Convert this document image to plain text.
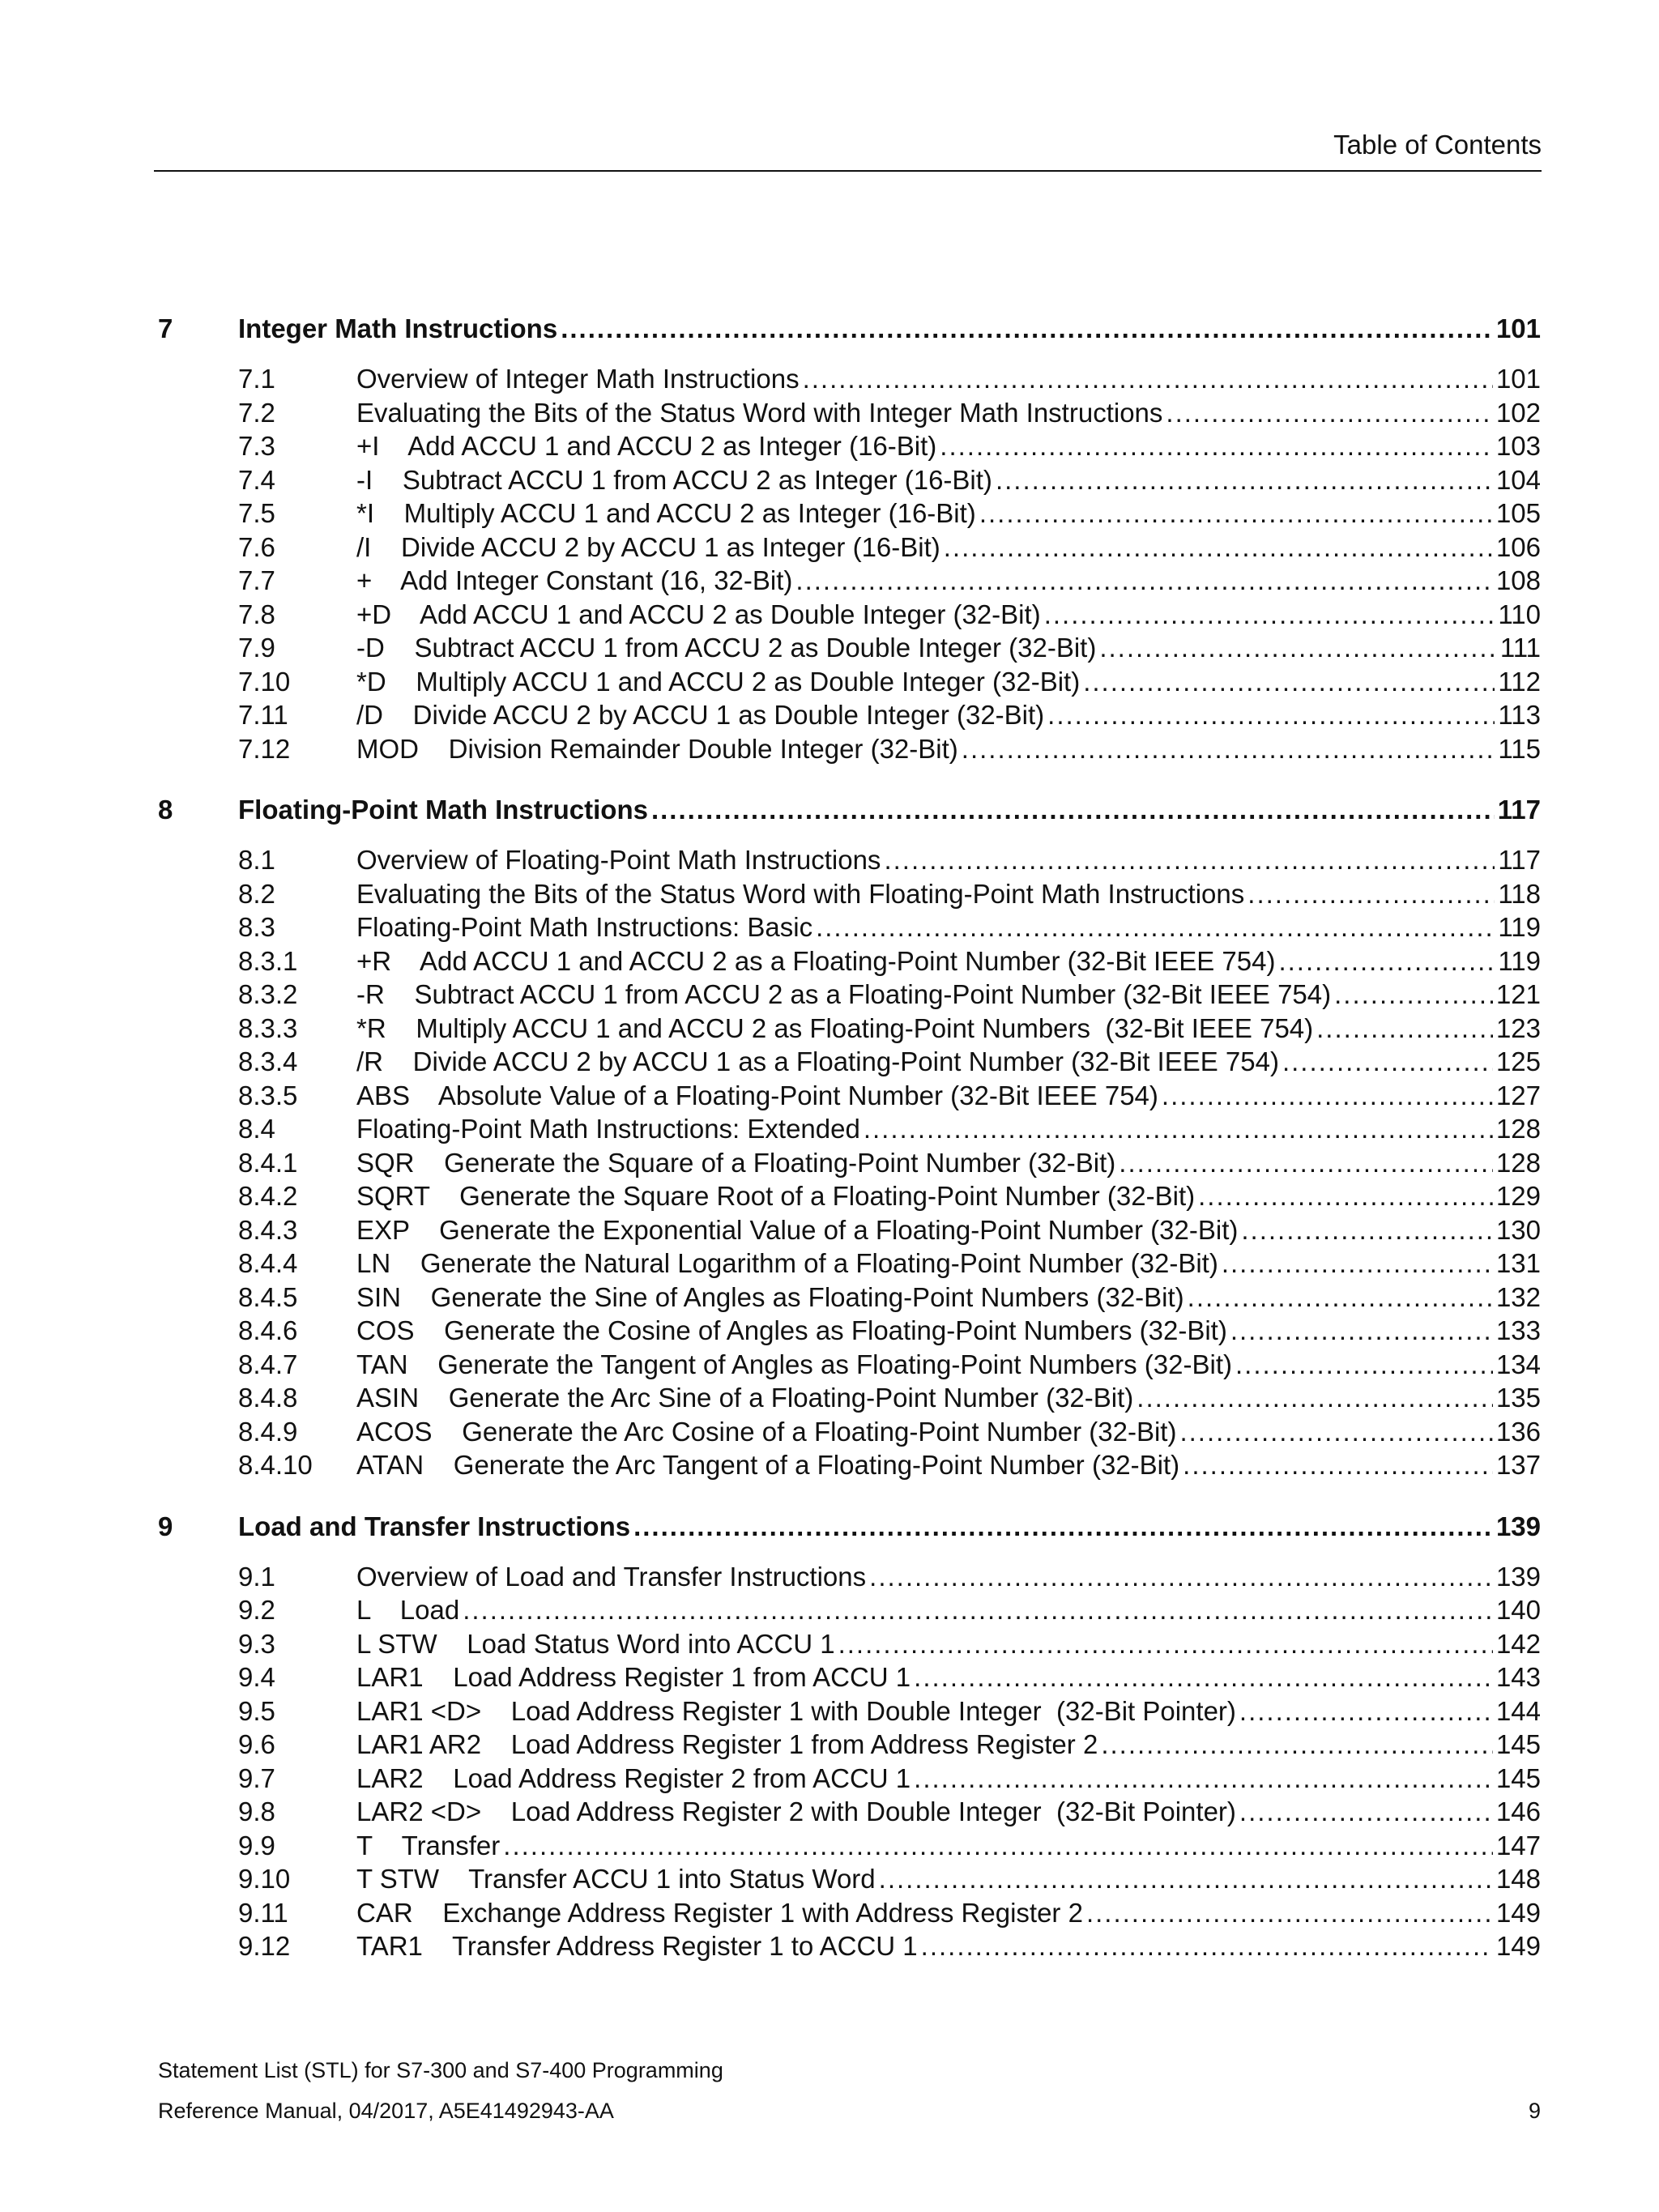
Table of Contents
7	Integer Math Instructions .....	101
7.1	Overview of Integer Math Instructions .....	101
7.2	Evaluating the Bits of the Status Word with Integer Math Instructions .....	102
7.3	+I    Add ACCU 1 and ACCU 2 as Integer (16-Bit) .....	103
7.4	-I    Subtract ACCU 1 from ACCU 2 as Integer (16-Bit) .....	104
7.5	*I    Multiply ACCU 1 and ACCU 2 as Integer (16-Bit) .....	105
7.6	/I    Divide ACCU 2 by ACCU 1 as Integer (16-Bit) .....	106
7.7	+    Add Integer Constant (16, 32-Bit) .....	108
7.8	+D    Add ACCU 1 and ACCU 2 as Double Integer (32-Bit) .....	110
7.9	-D    Subtract ACCU 1 from ACCU 2 as Double Integer (32-Bit) .....	111
7.10	*D    Multiply ACCU 1 and ACCU 2 as Double Integer (32-Bit) .....	112
7.11	/D    Divide ACCU 2 by ACCU 1 as Double Integer (32-Bit) .....	113
7.12	MOD    Division Remainder Double Integer (32-Bit) .....	115
8	Floating-Point Math Instructions .....	117
8.1	Overview of Floating-Point Math Instructions .....	117
8.2	Evaluating the Bits of the Status Word with Floating-Point Math Instructions .....	118
8.3	Floating-Point Math Instructions: Basic .....	119
8.3.1	+R    Add ACCU 1 and ACCU 2 as a Floating-Point Number (32-Bit IEEE 754) .....	119
8.3.2	-R    Subtract ACCU 1 from ACCU 2 as a Floating-Point Number (32-Bit IEEE 754) .....	121
8.3.3	*R    Multiply ACCU 1 and ACCU 2 as Floating-Point Numbers  (32-Bit IEEE 754) .....	123
8.3.4	/R    Divide ACCU 2 by ACCU 1 as a Floating-Point Number (32-Bit IEEE 754) .....	125
8.3.5	ABS    Absolute Value of a Floating-Point Number (32-Bit IEEE 754) .....	127
8.4	Floating-Point Math Instructions: Extended .....	128
8.4.1	SQR    Generate the Square of a Floating-Point Number (32-Bit) .....	128
8.4.2	SQRT    Generate the Square Root of a Floating-Point Number (32-Bit) .....	129
8.4.3	EXP    Generate the Exponential Value of a Floating-Point Number (32-Bit) .....	130
8.4.4	LN    Generate the Natural Logarithm of a Floating-Point Number (32-Bit) .....	131
8.4.5	SIN    Generate the Sine of Angles as Floating-Point Numbers (32-Bit) .....	132
8.4.6	COS    Generate the Cosine of Angles as Floating-Point Numbers (32-Bit) .....	133
8.4.7	TAN    Generate the Tangent of Angles as Floating-Point Numbers (32-Bit) .....	134
8.4.8	ASIN    Generate the Arc Sine of a Floating-Point Number (32-Bit) .....	135
8.4.9	ACOS    Generate the Arc Cosine of a Floating-Point Number (32-Bit) .....	136
8.4.10	ATAN    Generate the Arc Tangent of a Floating-Point Number (32-Bit) .....	137
9	Load and Transfer Instructions .....	139
9.1	Overview of Load and Transfer Instructions .....	139
9.2	L    Load .....	140
9.3	L STW    Load Status Word into ACCU 1 .....	142
9.4	LAR1    Load Address Register 1 from ACCU 1 .....	143
9.5	LAR1 <D>    Load Address Register 1 with Double Integer  (32-Bit Pointer) .....	144
9.6	LAR1 AR2    Load Address Register 1 from Address Register 2 .....	145
9.7	LAR2    Load Address Register 2 from ACCU 1 .....	145
9.8	LAR2 <D>    Load Address Register 2 with Double Integer  (32-Bit Pointer) .....	146
9.9	T    Transfer .....	147
9.10	T STW    Transfer ACCU 1 into Status Word .....	148
9.11	CAR    Exchange Address Register 1 with Address Register 2 .....	149
9.12	TAR1    Transfer Address Register 1 to ACCU 1 .....	149
Statement List (STL) for S7-300 and S7-400 Programming
Reference Manual, 04/2017, A5E41492943-AA	9
